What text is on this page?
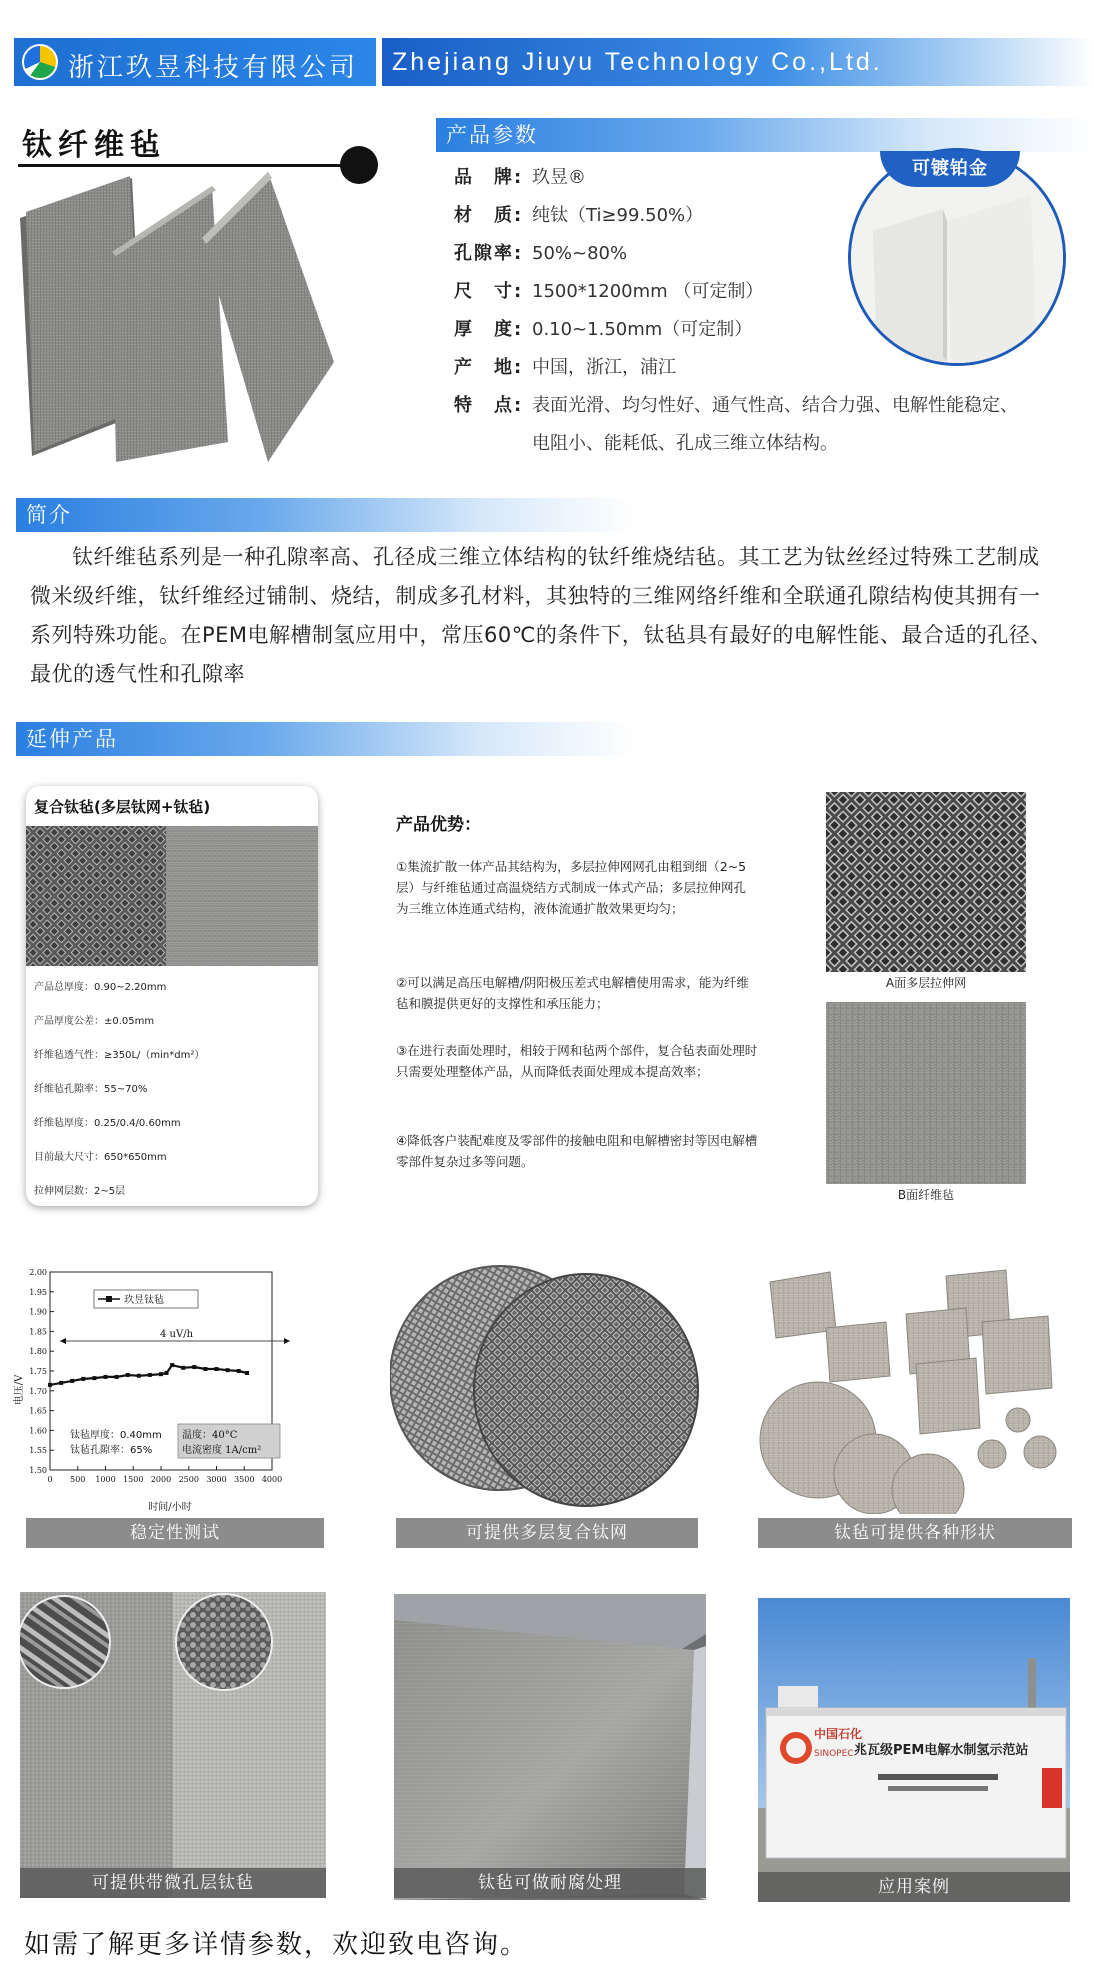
浙江玖昱科技有限公司 Zhejiang Jiuyu Technology Co.,Ltd.
钛纤维毡	产品参数
品　牌: 玖昱®
材　质: 纯钛（Ti≥99.50%）
孔隙率: 50%~80%
尺　寸: 1500*1200mm （可定制）
厚　度: 0.10~1.50mm（可定制）
产　地: 中国，浙江，浦江
特　点: 表面光滑、均匀性好、通气性高、结合力强、电解性能稳定、
电阻小、能耗低、孔成三维立体结构。
可镀铂金
简介
钛纤维毡系列是一种孔隙率高、孔径成三维立体结构的钛纤维烧结毡。其工艺为钛丝经过特殊工艺制成微米级纤维，钛纤维经过铺制、烧结，制成多孔材料，其独特的三维网络纤维和全联通孔隙结构使其拥有一系列特殊功能。在PEM电解槽制氢应用中，常压60℃的条件下，钛毡具有最好的电解性能、最合适的孔径、最优的透气性和孔隙率
延伸产品
复合钛毡(多层钛网+钛毡)
产品总厚度：0.90~2.20mm
产品厚度公差：±0.05mm
纤维毡透气性：≥350L/（min*dm²）
纤维毡孔隙率：55~70%
纤维毡厚度：0.25/0.4/0.60mm
目前最大尺寸：650*650mm
拉伸网层数：2~5层
产品优势：
①集流扩散一体产品其结构为，多层拉伸网网孔由粗到细（2~5层）与纤维毡通过高温烧结方式制成一体式产品；多层拉伸网孔为三维立体连通式结构，液体流通扩散效果更均匀；
②可以满足高压电解槽/阴阳极压差式电解槽使用需求，能为纤维毡和膜提供更好的支撑性和承压能力；
③在进行表面处理时，相较于网和毡两个部件，复合毡表面处理时只需要处理整体产品，从而降低表面处理成本提高效率；
④降低客户装配难度及零部件的接触电阻和电解槽密封等因电解槽零部件复杂过多等问题。
A面多层拉伸网
B面纤维毡
0 500 1000 1500 2000 2500 3000 3500 4000
1.50
1.55
1.60
1.65
1.70
1.75
1.80
1.85
1.90
1.95
2.00
玖昱钛毡
4 uV/h
钛毡厚度：0.40mm
钛毡孔隙率：65%
温度：40°C
电流密度 1A/cm²
时间/小时
电压/V
稳定性测试	可提供多层复合钛网	钛毡可提供各种形状
可提供带微孔层钛毡	钛毡可做耐腐处理
中国石化
SINOPEC 兆瓦级PEM电解水制氢示范站
应用案例
如需了解更多详情参数，欢迎致电咨询。
